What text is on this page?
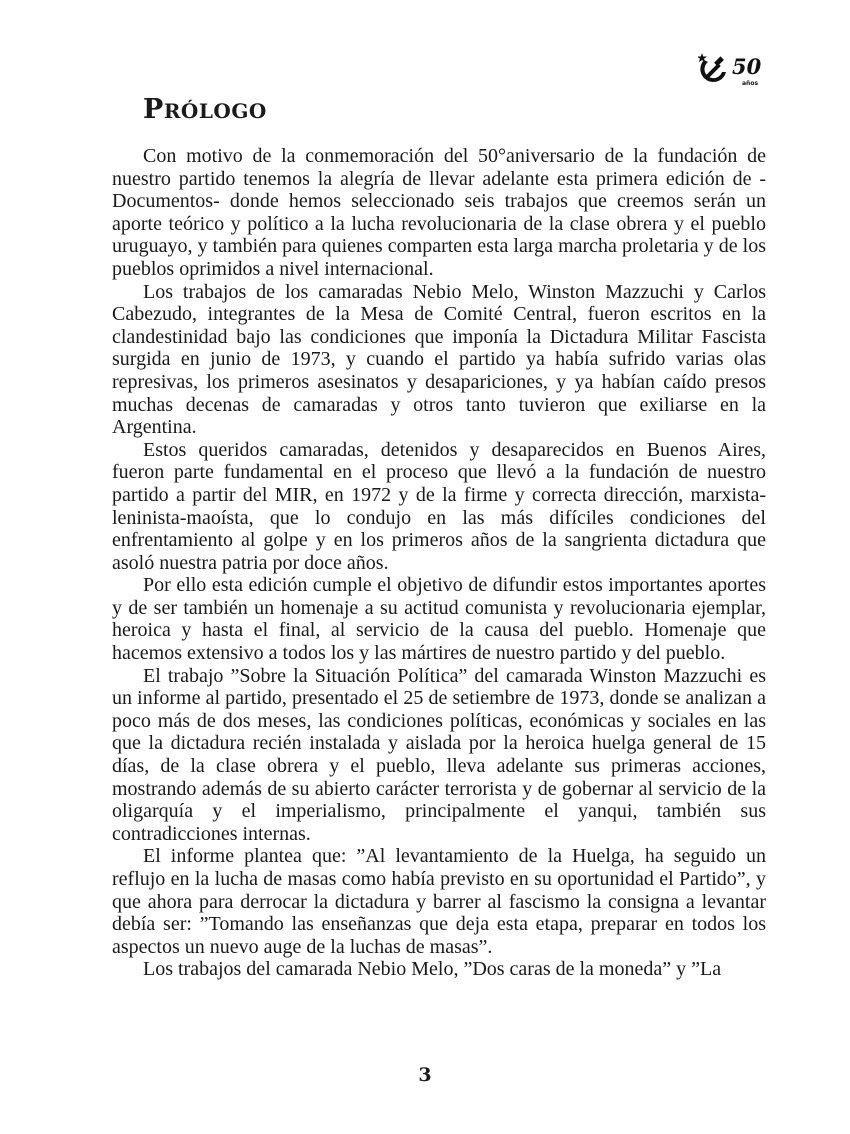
50
años
PRÓLOGO

Con motivo de la conmemoración del 50°aniversario de la fundación de nuestro partido tenemos la alegría de llevar adelante esta primera edición de -Documentos- donde hemos seleccionado seis trabajos que creemos serán un aporte teórico y político a la lucha revolucionaria de la clase obrera y el pueblo uruguayo, y también para quienes comparten esta larga marcha proletaria y de los pueblos oprimidos a nivel internacional.

Los trabajos de los camaradas Nebio Melo, Winston Mazzuchi y Carlos Cabezudo, integrantes de la Mesa de Comité Central, fueron escritos en la clandestinidad bajo las condiciones que imponía la Dictadura Militar Fascista surgida en junio de 1973, y cuando el partido ya había sufrido varias olas represivas, los primeros asesinatos y desapariciones, y ya habían caído presos muchas decenas de camaradas y otros tanto tuvieron que exiliarse en la Argentina.

Estos queridos camaradas, detenidos y desaparecidos en Buenos Aires, fueron parte fundamental en el proceso que llevó a la fundación de nuestro partido a partir del MIR, en 1972 y de la firme y correcta dirección, marxista-leninista-maoísta, que lo condujo en las más difíciles condiciones del enfrentamiento al golpe y en los primeros años de la sangrienta dictadura que asoló nuestra patria por doce años.

Por ello esta edición cumple el objetivo de difundir estos importantes aportes y de ser también un homenaje a su actitud comunista y revolucionaria ejemplar, heroica y hasta el final, al servicio de la causa del pueblo. Homenaje que hacemos extensivo a todos los y las mártires de nuestro partido y del pueblo.

El trabajo ”Sobre la Situación Política” del camarada Winston Mazzuchi es un informe al partido, presentado el 25 de setiembre de 1973, donde se analizan a poco más de dos meses, las condiciones políticas, económicas y sociales en las que la dictadura recién instalada y aislada por la heroica huelga general de 15 días, de la clase obrera y el pueblo, lleva adelante sus primeras acciones, mostrando además de su abierto carácter terrorista y de gobernar al servicio de la oligarquía y el imperialismo, principalmente el yanqui, también sus contradicciones internas.

El informe plantea que: ”Al levantamiento de la Huelga, ha seguido un reflujo en la lucha de masas como había previsto en su oportunidad el Partido”, y que ahora para derrocar la dictadura y barrer al fascismo la consigna a levantar debía ser: ”Tomando las enseñanzas que deja esta etapa, preparar en todos los aspectos un nuevo auge de la luchas de masas”.

Los trabajos del camarada Nebio Melo, ”Dos caras de la moneda” y ”La

3
